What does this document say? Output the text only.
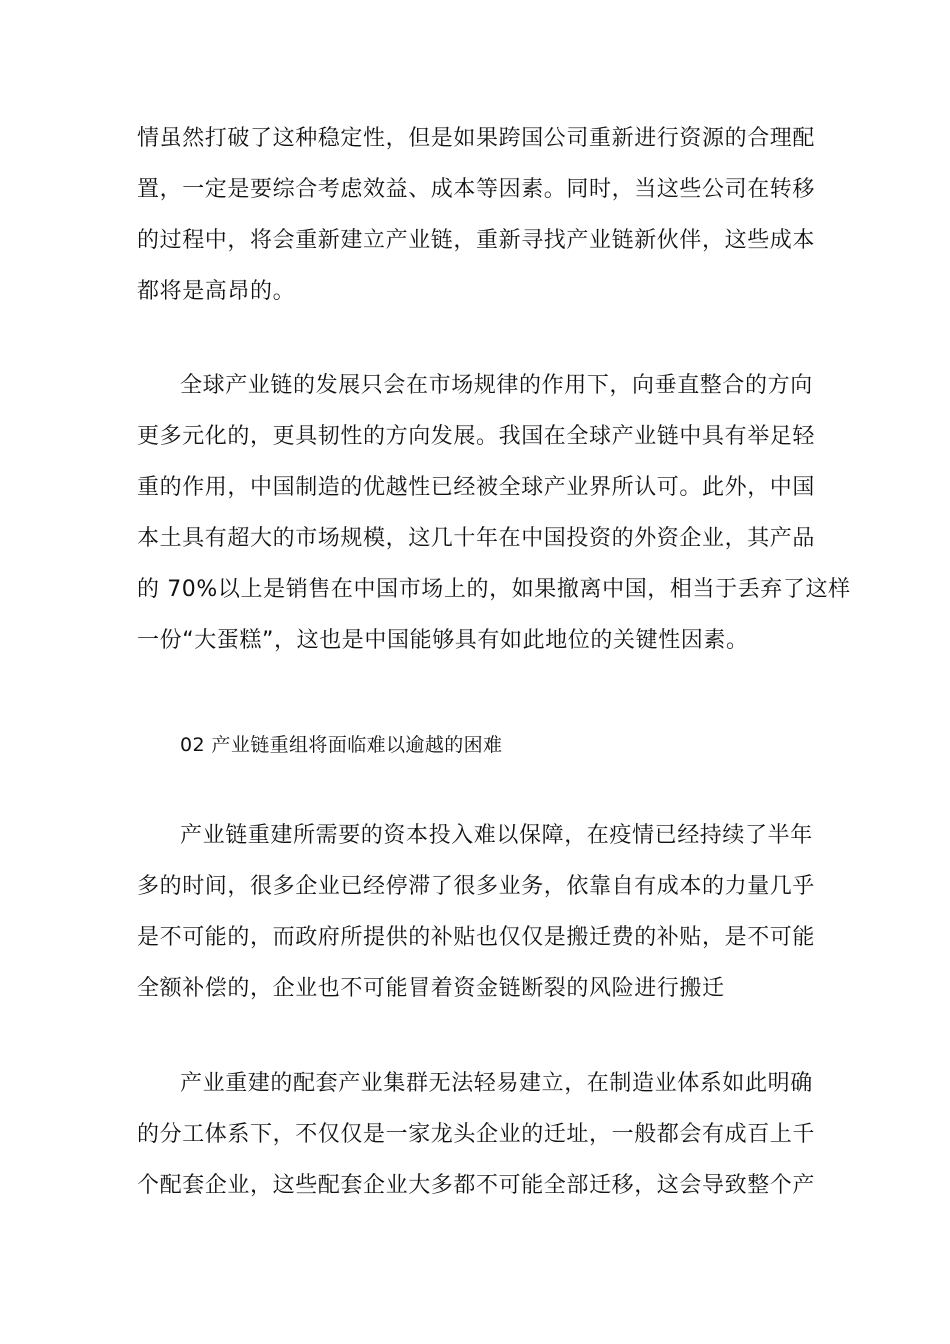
情虽然打破了这种稳定性，但是如果跨国公司重新进行资源的合理配
置，一定是要综合考虑效益、成本等因素。同时，当这些公司在转移
的过程中，将会重新建立产业链，重新寻找产业链新伙伴，这些成本
都将是高昂的。
全球产业链的发展只会在市场规律的作用下，向垂直整合的方向
更多元化的，更具韧性的方向发展。我国在全球产业链中具有举足轻
重的作用，中国制造的优越性已经被全球产业界所认可。此外，中国
本土具有超大的市场规模，这几十年在中国投资的外资企业，其产品
的 70%以上是销售在中国市场上的，如果撤离中国，相当于丢弃了这样
一份“大蛋糕”，这也是中国能够具有如此地位的关键性因素。
02 产业链重组将面临难以逾越的困难
产业链重建所需要的资本投入难以保障，在疫情已经持续了半年
多的时间，很多企业已经停滞了很多业务，依靠自有成本的力量几乎
是不可能的，而政府所提供的补贴也仅仅是搬迁费的补贴，是不可能
全额补偿的，企业也不可能冒着资金链断裂的风险进行搬迁
产业重建的配套产业集群无法轻易建立，在制造业体系如此明确
的分工体系下，不仅仅是一家龙头企业的迁址，一般都会有成百上千
个配套企业，这些配套企业大多都不可能全部迁移，这会导致整个产
